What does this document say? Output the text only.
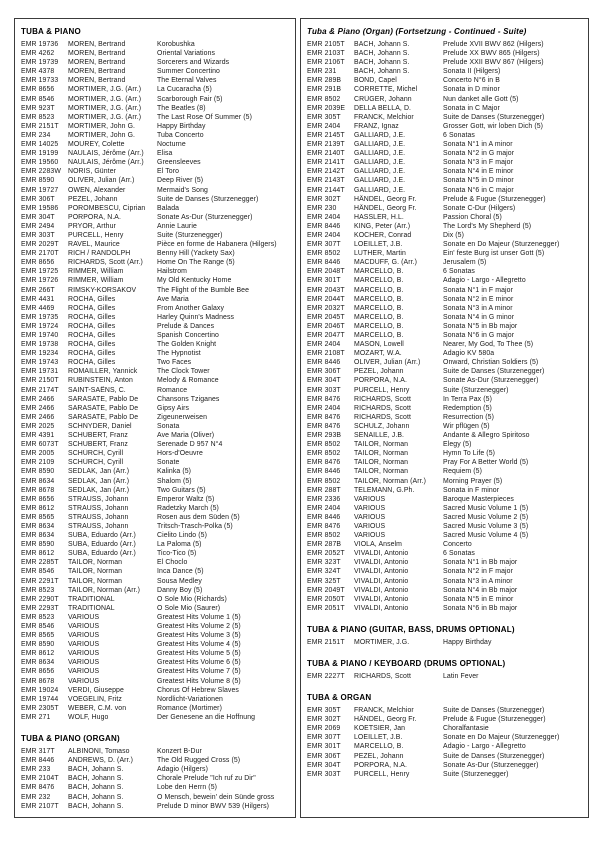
TUBA & PIANO
EMR 19736	MOREN, Bertrand	Korobushka
EMR 4262	MOREN, Bertrand	Oriental Variations
EMR 19739	MOREN, Bertrand	Sorcerers and Wizards
EMR 4378	MOREN, Bertrand	Summer Concertino
EMR 19733	MOREN, Bertrand	The Eternal Valves
EMR 8656	MORTIMER, J.G. (Arr.)	La Cucaracha (5)
EMR 8546	MORTIMER, J.G. (Arr.)	Scarborough Fair (5)
EMR 923T	MORTIMER, J.G. (Arr.)	The Beatles (8)
EMR 8523	MORTIMER, J.G. (Arr.)	The Last Rose Of Summer (5)
EMR 2151T	MORTIMER, John G.	Happy Birthday
EMR 234	MORTIMER, John G.	Tuba Concerto
EMR 14025	MOUREY, Colette	Nocturne
EMR 19199	NAULAIS, Jérôme (Arr.)	Elisa
EMR 19560	NAULAIS, Jérôme (Arr.)	Greensleeves
EMR 2283W	NORIS, Günter	El Toro
EMR 8590	OLIVER, Julian (Arr.)	Deep River (5)
EMR 19727	OWEN, Alexander	Mermaid's Song
EMR 306T	PEZEL, Johann	Suite de Danses (Sturzenegger)
EMR 19586	POROMBESCU, Ciprian	Balada
EMR 304T	PORPORA, N.A.	Sonate As-Dur (Sturzenegger)
EMR 2494	PRYOR, Arthur	Annie Laurie
EMR 303T	PURCELL, Henry	Suite (Sturzenegger)
EMR 2029T	RAVEL, Maurice	Pièce en forme de Habanera (Hilgers)
EMR 2170T	RICH / RANDOLPH	Benny Hill (Yackety Sax)
EMR 8656	RICHARDS, Scott (Arr.)	Home On The Range (5)
EMR 19725	RIMMER, William	Hailstrom
EMR 19726	RIMMER, William	My Old Kentucky Home
EMR 266T	RIMSKY-KORSAKOV	The Flight of the Bumble Bee
EMR 4431	ROCHA, Gilles	Ave Maria
EMR 4469	ROCHA, Gilles	From Another Galaxy
EMR 19735	ROCHA, Gilles	Harley Quinn's Madness
EMR 19724	ROCHA, Gilles	Prelude & Dances
EMR 19740	ROCHA, Gilles	Spanish Concertino
EMR 19738	ROCHA, Gilles	The Golden Knight
EMR 19234	ROCHA, Gilles	The Hypnotist
EMR 19743	ROCHA, Gilles	Two Faces
EMR 19731	ROMAILLER, Yannick	The Clock Tower
EMR 2150T	RUBINSTEIN, Anton	Melody & Romance
EMR 2174T	SAINT-SAËNS, C.	Romance
EMR 2466	SARASATE, Pablo De	Chansons Tziganes
EMR 2466	SARASATE, Pablo De	Gipsy Airs
EMR 2466	SARASATE, Pablo De	Zigeunerweisen
EMR 2025	SCHNYDER, Daniel	Sonata
EMR 4391	SCHUBERT, Franz	Ave Maria (Oliver)
EMR 6073T	SCHUBERT, Franz	Serenade D 957 N°4
EMR 2005	SCHÜRCH, Cyrill	Hors-d'Oeuvre
EMR 2109	SCHÜRCH, Cyrill	Sonate
EMR 8590	SEDLAK, Jan (Arr.)	Kalinka (5)
EMR 8634	SEDLAK, Jan (Arr.)	Shalom (5)
EMR 8678	SEDLAK, Jan (Arr.)	Two Guitars (5)
EMR 8656	STRAUSS, Johann	Emperor Waltz (5)
EMR 8612	STRAUSS, Johann	Radetzky March (5)
EMR 8565	STRAUSS, Johann	Rosen aus dem Süden (5)
EMR 8634	STRAUSS, Johann	Tritsch-Trasch-Polka (5)
EMR 8634	SUBA, Eduardo (Arr.)	Cielito Lindo (5)
EMR 8590	SUBA, Eduardo (Arr.)	La Paloma (5)
EMR 8612	SUBA, Eduardo (Arr.)	Tico-Tico (5)
EMR 2285T	TAILOR, Norman	El Choclo
EMR 8546	TAILOR, Norman	Inca Dance (5)
EMR 2291T	TAILOR, Norman	Sousa Medley
EMR 8523	TAILOR, Norman (Arr.)	Danny Boy (5)
EMR 2290T	TRADITIONAL	O Sole Mio (Richards)
EMR 2293T	TRADITIONAL	O Sole Mio (Saurer)
EMR 8523	VARIOUS	Greatest Hits Volume 1 (5)
EMR 8546	VARIOUS	Greatest Hits Volume 2 (5)
EMR 8565	VARIOUS	Greatest Hits Volume 3 (5)
EMR 8590	VARIOUS	Greatest Hits Volume 4 (5)
EMR 8612	VARIOUS	Greatest Hits Volume 5 (5)
EMR 8634	VARIOUS	Greatest Hits Volume 6 (5)
EMR 8656	VARIOUS	Greatest Hits Volume 7 (5)
EMR 8678	VARIOUS	Greatest Hits Volume 8 (5)
EMR 19024	VERDI, Giuseppe	Chorus Of Hebrew Slaves
EMR 19744	VOEGELIN, Fritz	Nordlicht-Variationen
EMR 2305T	WEBER, C.M. von	Romance (Mortimer)
EMR 271	WOLF, Hugo	Der Genesene an die Hoffnung
TUBA & PIANO (ORGAN)
EMR 317T	ALBINONI, Tomaso	Konzert B-Dur
EMR 8446	ANDREWS, D. (Arr.)	The Old Rugged Cross (5)
EMR 233	BACH, Johann S.	Adagio (Hilgers)
EMR 2104T	BACH, Johann S.	Chorale Prelude "Ich ruf zu Dir"
EMR 8476	BACH, Johann S.	Lobe den Herrn (5)
EMR 232	BACH, Johann S.	O Mensch, bewein' dein Sünde gross
EMR 2107T	BACH, Johann S.	Prelude D minor BWV 539 (Hilgers)
Tuba & Piano (Organ) (Fortsetzung - Continued - Suite)
EMR 2105T	BACH, Johann S.	Prelude XVII BWV 862 (Hilgers)
EMR 2103T	BACH, Johann S.	Prelude XX BWV 865 (Hilgers)
EMR 2106T	BACH, Johann S.	Prelude XXII BWV 867 (Hilgers)
EMR 231	BACH, Johann S.	Sonata II (Hilgers)
EMR 289B	BOND, Capel	Concerto N°6 in B
EMR 291B	CORRETTE, Michel	Sonata in D minor
EMR 8502	CRÜGER, Johann	Nun danket alle Gott (5)
EMR 2039E	DELLA BELLA, D.	Sonata in C Major
EMR 305T	FRANCK, Melchior	Suite de Danses (Sturzenegger)
EMR 2404	FRANZ, Ignaz	Grosser Gott, wir loben Dich (5)
EMR 2145T	GALLIARD, J.E.	6 Sonatas
EMR 2139T	GALLIARD, J.E.	Sonata N°1 in A minor
EMR 2140T	GALLIARD, J.E.	Sonata N°2 in G major
EMR 2141T	GALLIARD, J.E.	Sonata N°3 in F major
EMR 2142T	GALLIARD, J.E.	Sonata N°4 in E minor
EMR 2143T	GALLIARD, J.E.	Sonata N°5 in D minor
EMR 2144T	GALLIARD, J.E.	Sonata N°6 in C major
EMR 302T	HÄNDEL, Georg Fr.	Prelude & Fugue (Sturzenegger)
EMR 230	HÄNDEL, Georg Fr.	Sonate C-Dur (Hilgers)
EMR 2404	HASSLER, H.L.	Passion Choral (5)
EMR 8446	KING, Peter (Arr.)	The Lord's My Shepherd (5)
EMR 2404	KOCHER, Conrad	Dix (5)
EMR 307T	LOEILLET, J.B.	Sonate en Do Majeur (Sturzenegger)
EMR 8502	LUTHER, Martin	Ein' feste Burg ist unser Gott (5)
EMR 8446	MACDUFF, G. (Arr.)	Jerusalem (5)
EMR 2048T	MARCELLO, B.	6 Sonatas
EMR 301T	MARCELLO, B.	Adagio - Largo - Allegretto
EMR 2043T	MARCELLO, B.	Sonata N°1 in F major
EMR 2044T	MARCELLO, B.	Sonata N°2 in E minor
EMR 2032T	MARCELLO, B.	Sonata N°3 in A minor
EMR 2045T	MARCELLO, B.	Sonata N°4 in G minor
EMR 2046T	MARCELLO, B.	Sonata N°5 in Bb major
EMR 2047T	MARCELLO, B.	Sonata N°6 in G major
EMR 2404	MASON, Lowell	Nearer, My God, To Thee (5)
EMR 2108T	MOZART, W.A.	Adagio KV 580a
EMR 8446	OLIVER, Julian (Arr.)	Onward, Christian Soldiers (5)
EMR 306T	PEZEL, Johann	Suite de Danses (Sturzenegger)
EMR 304T	PORPORA, N.A.	Sonate As-Dur (Sturzenegger)
EMR 303T	PURCELL, Henry	Suite (Sturzenegger)
EMR 8476	RICHARDS, Scott	In Terra Pax (5)
EMR 2404	RICHARDS, Scott	Redemption (5)
EMR 8476	RICHARDS, Scott	Resurrection (5)
EMR 8476	SCHULZ, Johann	Wir pflügen (5)
EMR 293B	SENAILLE, J.B.	Andante & Allegro Spiritoso
EMR 8502	TAILOR, Norman	Elegy (5)
EMR 8502	TAILOR, Norman	Hymn To Life (5)
EMR 8476	TAILOR, Norman	Pray For A Better World (5)
EMR 8446	TAILOR, Norman	Requiem (5)
EMR 8502	TAILOR, Norman (Arr.)	Morning Prayer (5)
EMR 288T	TELEMANN, G.Ph.	Sonata in F minor
EMR 2336	VARIOUS	Baroque Masterpieces
EMR 2404	VARIOUS	Sacred Music Volume 1 (5)
EMR 8446	VARIOUS	Sacred Music Volume 2 (5)
EMR 8476	VARIOUS	Sacred Music Volume 3 (5)
EMR 8502	VARIOUS	Sacred Music Volume 4 (5)
EMR 287B	VIOLA, Anselm	Concerto
EMR 2052T	VIVALDI, Antonio	6 Sonatas
EMR 323T	VIVALDI, Antonio	Sonata N°1 in Bb major
EMR 324T	VIVALDI, Antonio	Sonata N°2 in F major
EMR 325T	VIVALDI, Antonio	Sonata N°3 in A minor
EMR 2049T	VIVALDI, Antonio	Sonata N°4 in Bb major
EMR 2050T	VIVALDI, Antonio	Sonata N°5 in E minor
EMR 2051T	VIVALDI, Antonio	Sonata N°6 in Bb major
TUBA & PIANO (GUITAR, BASS, DRUMS OPTIONAL)
EMR 2151T	MORTIMER, J.G.	Happy Birthday
TUBA & PIANO / KEYBOARD (DRUMS OPTIONAL)
EMR 2227T	RICHARDS, Scott	Latin Fever
TUBA & ORGAN
EMR 305T	FRANCK, Melchior	Suite de Danses (Sturzenegger)
EMR 302T	HÄNDEL, Georg Fr.	Prelude & Fugue (Sturzenegger)
EMR 2069	KOETSIER, Jan	Choralfantasie
EMR 307T	LOEILLET, J.B.	Sonate en Do Majeur (Sturzenegger)
EMR 301T	MARCELLO, B.	Adagio - Largo - Allegretto
EMR 306T	PEZEL, Johann	Suite de Danses (Sturzenegger)
EMR 304T	PORPORA, N.A.	Sonate As-Dur (Sturzenegger)
EMR 303T	PURCELL, Henry	Suite (Sturzenegger)
